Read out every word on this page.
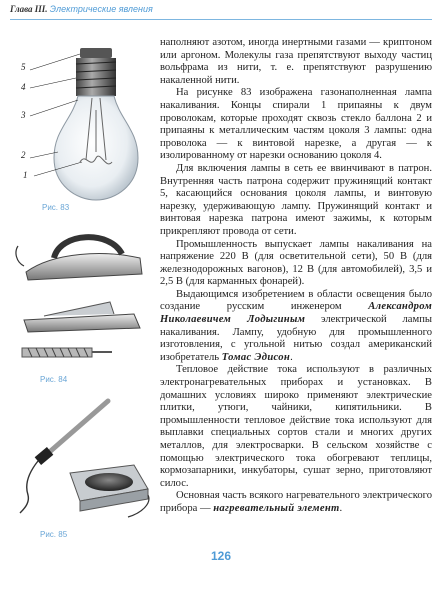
Глава III. Электрические явления
5
4
3
2
1
Рис. 83
Рис. 84
Рис. 85

наполняют азотом, иногда инертными газами — криптоном или аргоном. Молекулы газа препятствуют выходу частиц вольфрама из нити, т. е. препятствуют разрушению накаленной нити.

На рисунке 83 изображена газонаполненная лампа накаливания. Концы спирали 1 припаяны к двум проволокам, которые проходят сквозь стекло баллона 2 и припаяны к металлическим частям цоколя 3 лампы: одна проволока — к винтовой нарезке, а другая — к изолированному от нарезки основанию цоколя 4.

Для включения лампы в сеть ее ввинчивают в патрон. Внутренняя часть патрона содержит пружинящий контакт 5, касающийся основания цоколя лампы, и винтовую нарезку, удерживающую лампу. Пружинящий контакт и винтовая нарезка патрона имеют зажимы, к которым прикрепляют провода от сети.

Промышленность выпускает лампы накаливания на напряжение 220 В (для осветительной сети), 50 В (для железнодорожных вагонов), 12 В (для автомобилей), 3,5 и 2,5 В (для карманных фонарей).

Выдающимся изобретением в области освещения было создание русским инженером Александром Николаевичем Лодыгиным электрической лампы накаливания. Лампу, удобную для промышленного изготовления, с угольной нитью создал американский изобретатель Томас Эдисон.

Тепловое действие тока используют в различных электронагревательных приборах и установках. В домашних условиях широко применяют электрические плитки, утюги, чайники, кипятильники. В промышленности тепловое действие тока используют для выплавки специальных сортов стали и многих других металлов, для электросварки. В сельском хозяйстве с помощью электрического тока обогревают теплицы, кормозапарники, инкубаторы, сушат зерно, приготовляют силос.

Основная часть всякого нагревательного электрического прибора — нагревательный элемент.

126
